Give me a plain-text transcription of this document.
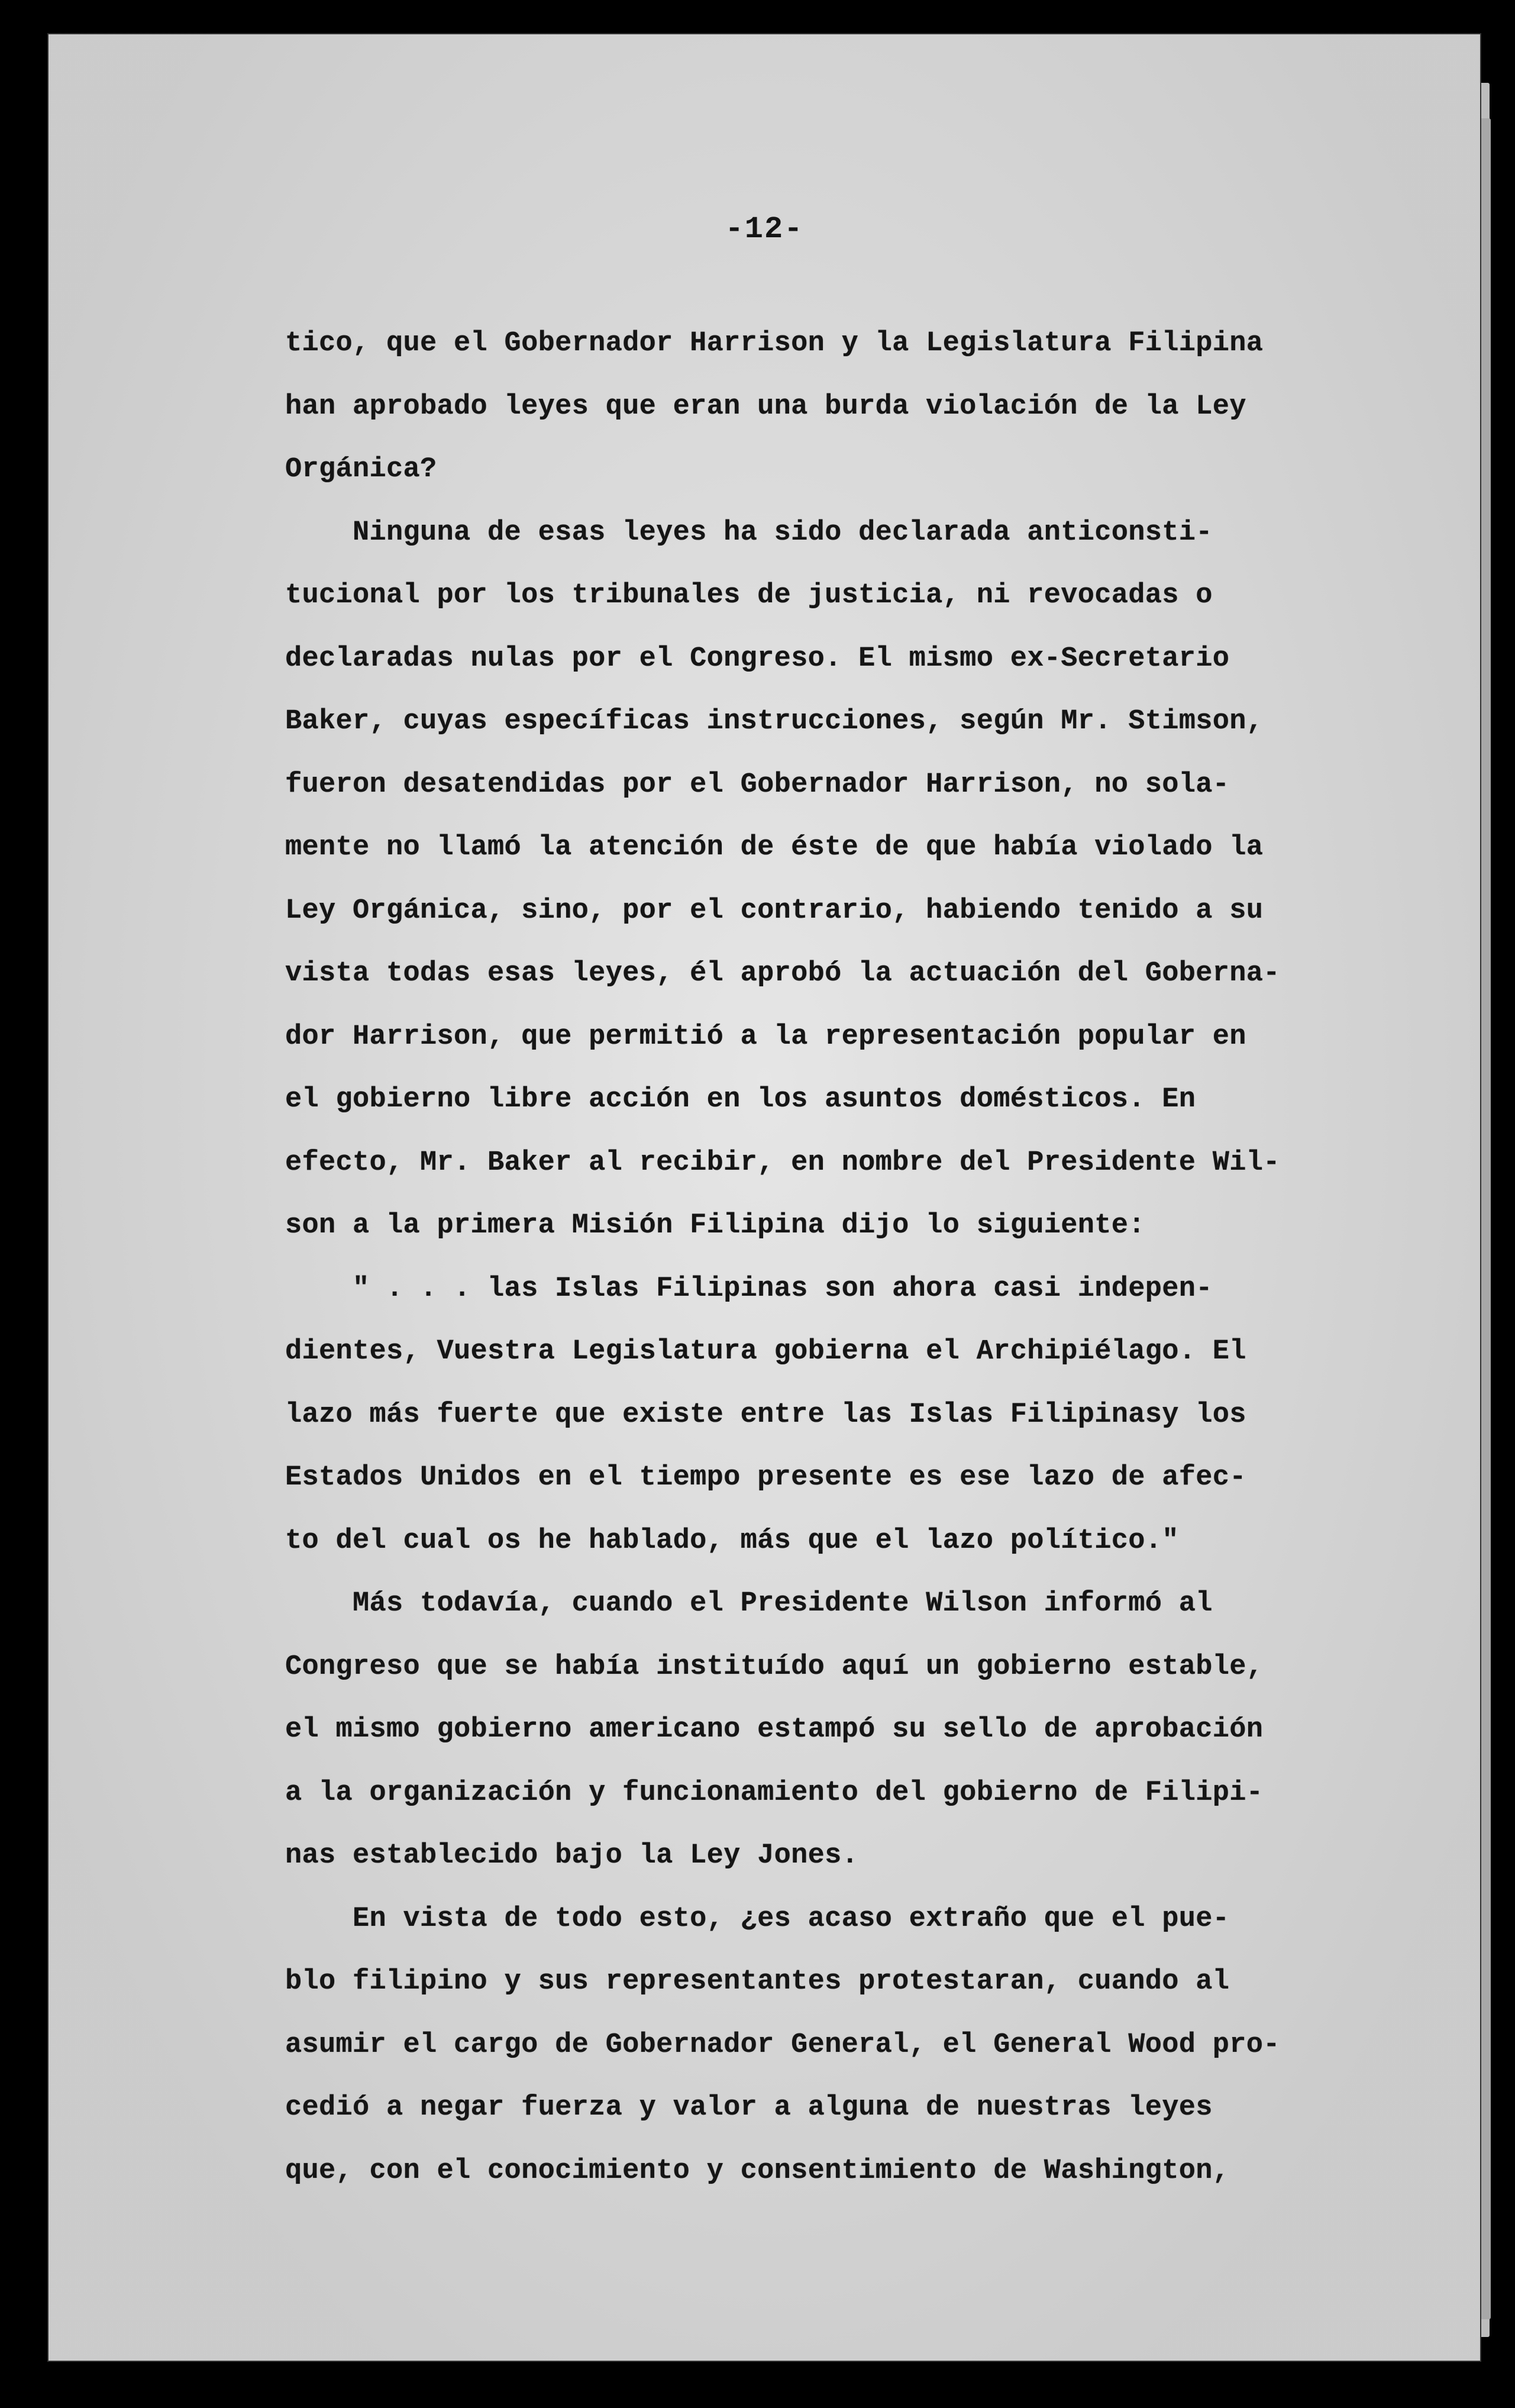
-12-
tico, que el Gobernador Harrison y la Legislatura Filipina
han aprobado leyes que eran una burda violación de la Ley
Orgánica?
Ninguna de esas leyes ha sido declarada anticonsti-
tucional por los tribunales de justicia, ni revocadas o
declaradas nulas por el Congreso. El mismo ex-Secretario
Baker, cuyas específicas instrucciones, según Mr. Stimson,
fueron desatendidas por el Gobernador Harrison, no sola-
mente no llamó la atención de éste de que había violado la
Ley Orgánica, sino, por el contrario, habiendo tenido a su
vista todas esas leyes, él aprobó la actuación del Goberna-
dor Harrison, que permitió a la representación popular en
el gobierno libre acción en los asuntos domésticos. En
efecto, Mr. Baker al recibir, en nombre del Presidente Wil-
son a la primera Misión Filipina dijo lo siguiente:
" . . . las Islas Filipinas son ahora casi indepen-
dientes, Vuestra Legislatura gobierna el Archipiélago. El
lazo más fuerte que existe entre las Islas Filipinasy los
Estados Unidos en el tiempo presente es ese lazo de afec-
to del cual os he hablado, más que el lazo político."
Más todavía, cuando el Presidente Wilson informó al
Congreso que se había instituído aquí un gobierno estable,
el mismo gobierno americano estampó su sello de aprobación
a la organización y funcionamiento del gobierno de Filipi-
nas establecido bajo la Ley Jones.
En vista de todo esto, ¿es acaso extraño que el pue-
blo filipino y sus representantes protestaran, cuando al
asumir el cargo de Gobernador General, el General Wood pro-
cedió a negar fuerza y valor a alguna de nuestras leyes
que, con el conocimiento y consentimiento de Washington,
